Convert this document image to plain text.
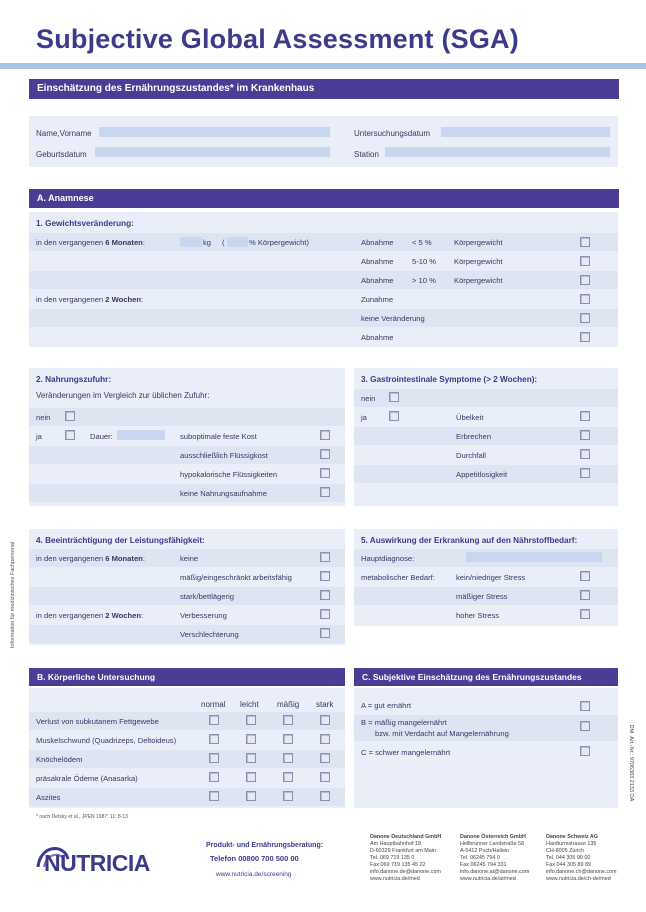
Subjective Global Assessment (SGA)
Einschätzung des Ernährungszustandes* im Krankenhaus
Name,Vorname
Geburtsdatum
Untersuchungsdatum
Station
A. Anamnese
1. Gewichtsveränderung:
in den vergangenen 6 Monaten:	kg (	% Körpergewicht)	Abnahme < 5 %	Körpergewicht
Abnahme 5-10 % Körpergewicht
Abnahme > 10 % Körpergewicht
in den vergangenen 2 Wochen:	Zunahme
keine Veränderung
Abnahme
2. Nahrungszufuhr:
Veränderungen im Vergleich zur üblichen Zufuhr:
nein
ja	Dauer:	suboptimale feste Kost
ausschließlich Flüssigkost
hypokalorische Flüssigkeiten
keine Nahrungsaufnahme
3. Gastrointestinale Symptome (> 2 Wochen):
nein
ja	Übelkeit
Erbrechen
Durchfall
Appetitlosigkeit
4. Beeinträchtigung der Leistungsfähigkeit:
in den vergangenen 6 Monaten:	keine
mäßig/eingeschränkt arbeitsfähig
stark/bettlägerig
in den vergangenen 2 Wochen:	Verbesserung
Verschlechterung
5. Auswirkung der Erkrankung auf den Nährstoffbedarf:
Hauptdiagnose:
metabolischer Bedarf:	kein/niedriger Stress
mäßiger Stress
hoher Stress
B. Körperliche Untersuchung
normal leicht mäßig stark
Verlust von subkutanem Fettgewebe
Muskelschwund (Quadrizeps, Deltoideus)
Knöchelödem
präsakrale Ödeme (Anasarka)
Aszites
C. Subjektive Einschätzung des Ernährungszustandes
A = gut ernährt
B = mäßig mangelernährt
bzw. mit Verdacht auf Mangelernährung
C = schwer mangelernährt
* nach Detsky et al., JPEN 1987; 11: 8-13
Information für medizinisches Fachpersonal
DM  Art.-Nr.: 9706383 2133 OA
NUTRICIA
Produkt- und Ernährungsberatung:
Telefon 00800 700 500 00
www.nutricia.de/screening
Danone Deutschland GmbH
Am Hauptbahnhof 18
D-60329 Frankfurt am Main
Tel. 069 719 135 0
Fax 069 719 135 45 22
info.danone.de@danone.com
www.nutricia.de/med
Danone Österreich GmbH
Hellbrunner Landstraße 58
A-5412 Puch/Hallein
Tel. 06245 794 0
Fax 06245 794 331
info.danone.at@danone.com
www.nutricia.de/at/med
Danone Schweiz AG
Hardturmstrasse 135
CH-8005 Zürich
Tel. 044 305 90 00
Fax 044 305 89 89
info.danone.ch@danone.com
www.nutricia.de/ch-de/med
